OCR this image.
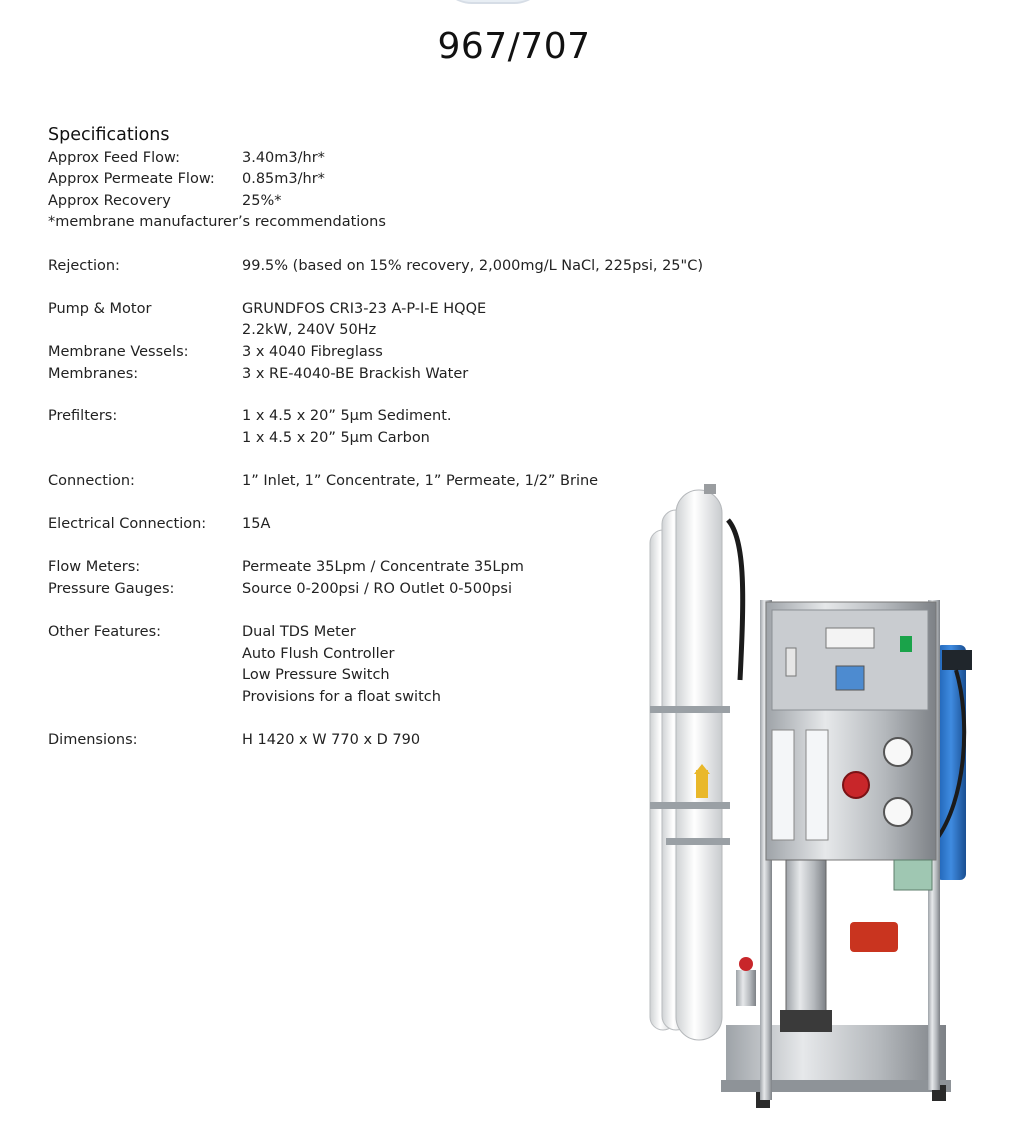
967/707
Specifications
Approx Feed Flow:	3.40m3/hr*
Approx Permeate Flow: 0.85m3/hr*
Approx Recovery	25%*
*membrane manufacturer’s recommendations
Rejection:	99.5% (based on 15% recovery, 2,000mg/L NaCl, 225psi, 25"C)
Pump & Motor	GRUNDFOS CRI3-23 A-P-I-E HQQE
2.2kW, 240V 50Hz
Membrane Vessels:	3 x 4040 Fibreglass
Membranes:	3 x RE-4040-BE Brackish Water
Prefilters:	1 x 4.5 x 20” 5µm Sediment.
1 x 4.5 x 20” 5µm Carbon
Connection:	1” Inlet, 1” Concentrate, 1” Permeate, 1/2” Brine
Electrical Connection: 15A
Flow Meters:	Permeate 35Lpm / Concentrate 35Lpm
Pressure Gauges:	Source 0-200psi / RO Outlet 0-500psi
Other Features:	Dual TDS Meter
Auto Flush Controller
Low Pressure Switch
Provisions for a float switch
Dimensions:	H 1420 x W 770 x D 790
